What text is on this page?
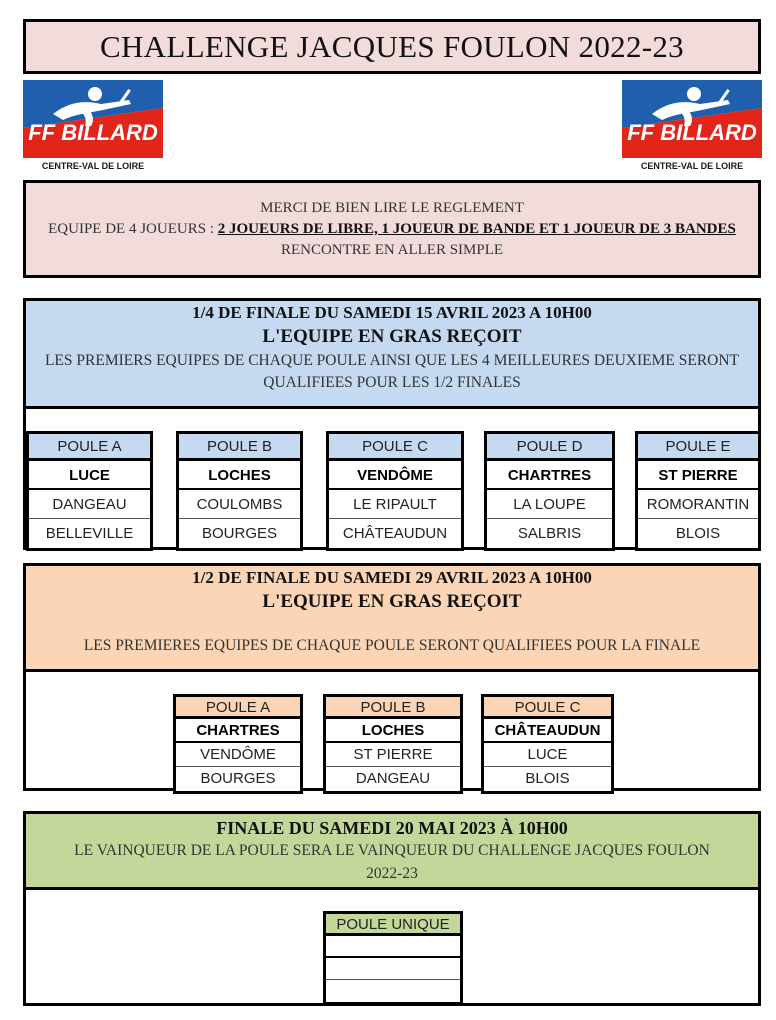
CHALLENGE JACQUES FOULON 2022-23
FF BILLARD
CENTRE-VAL DE LOIRE
FF BILLARD
CENTRE-VAL DE LOIRE
MERCI DE BIEN LIRE LE REGLEMENT
EQUIPE DE 4 JOUEURS : 2 JOUEURS DE LIBRE, 1 JOUEUR DE BANDE ET 1 JOUEUR DE 3 BANDES
RENCONTRE EN ALLER SIMPLE
1/4 DE FINALE DU SAMEDI 15 AVRIL 2023 A 10H00
L'EQUIPE EN GRAS REÇOIT
LES PREMIERS EQUIPES DE CHAQUE POULE AINSI QUE LES 4 MEILLEURES DEUXIEME SERONT QUALIFIEES POUR LES 1/2 FINALES
POULE A
LUCE
DANGEAU
BELLEVILLE
POULE B
LOCHES
COULOMBS
BOURGES
POULE C
VENDÔME
LE RIPAULT
CHÂTEAUDUN
POULE D
CHARTRES
LA LOUPE
SALBRIS
POULE E
ST PIERRE
ROMORANTIN
BLOIS
1/2 DE FINALE DU SAMEDI 29 AVRIL 2023 A 10H00
L'EQUIPE EN GRAS REÇOIT
LES PREMIERES EQUIPES DE CHAQUE POULE SERONT QUALIFIEES POUR LA FINALE
POULE A
CHARTRES
VENDÔME
BOURGES
POULE B
LOCHES
ST PIERRE
DANGEAU
POULE C
CHÂTEAUDUN
LUCE
BLOIS
FINALE DU SAMEDI 20 MAI 2023 À 10H00
LE VAINQUEUR DE LA POULE SERA LE VAINQUEUR DU CHALLENGE JACQUES FOULON 2022-23
POULE UNIQUE
